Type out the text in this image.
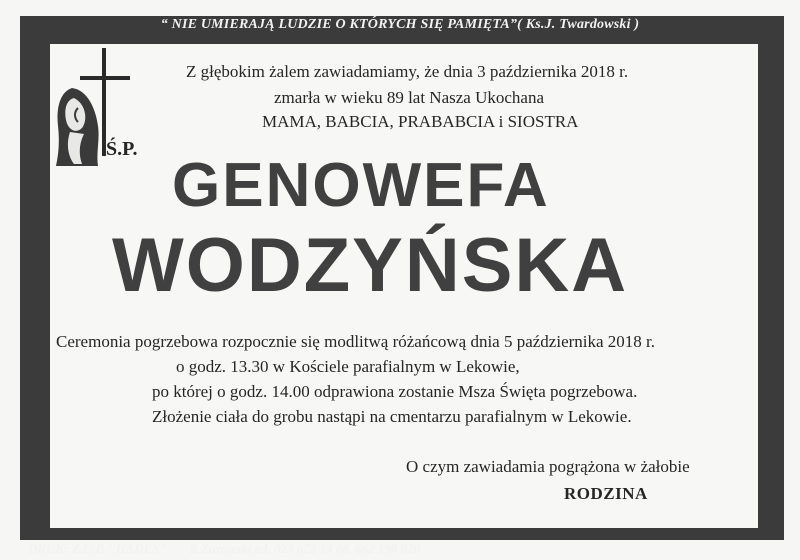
“ NIE UMIERAJĄ LUDZIE O KTÓRYCH SIĘ PAMIĘTA”( Ks.J. Twardowski )
Ś.P.
Z głębokim żalem zawiadamiamy, że dnia 3 października 2018 r.
zmarła w wieku 89 lat Nasza Ukochana
MAMA, BABCIA, PRABABCIA i SIOSTRA
GENOWEFA
WODZYŃSKA
Ceremonia pogrzebowa rozpocznie się modlitwą różańcową dnia 5 października 2018 r.
o godz. 13.30 w Kościele parafialnym w Lekowie,
po której o godz. 14.00 odprawiona zostanie Msza Święta pogrzebowa.
Złożenie ciała do grobu nastąpi na cmentarzu parafialnym w Lekowie.
O czym zawiadamia pogrążona w żałobie
RODZINA
DRUK: Z.U.P. "HADES" R.Żurawski tel. 023 672 14 88, 662 198 820
